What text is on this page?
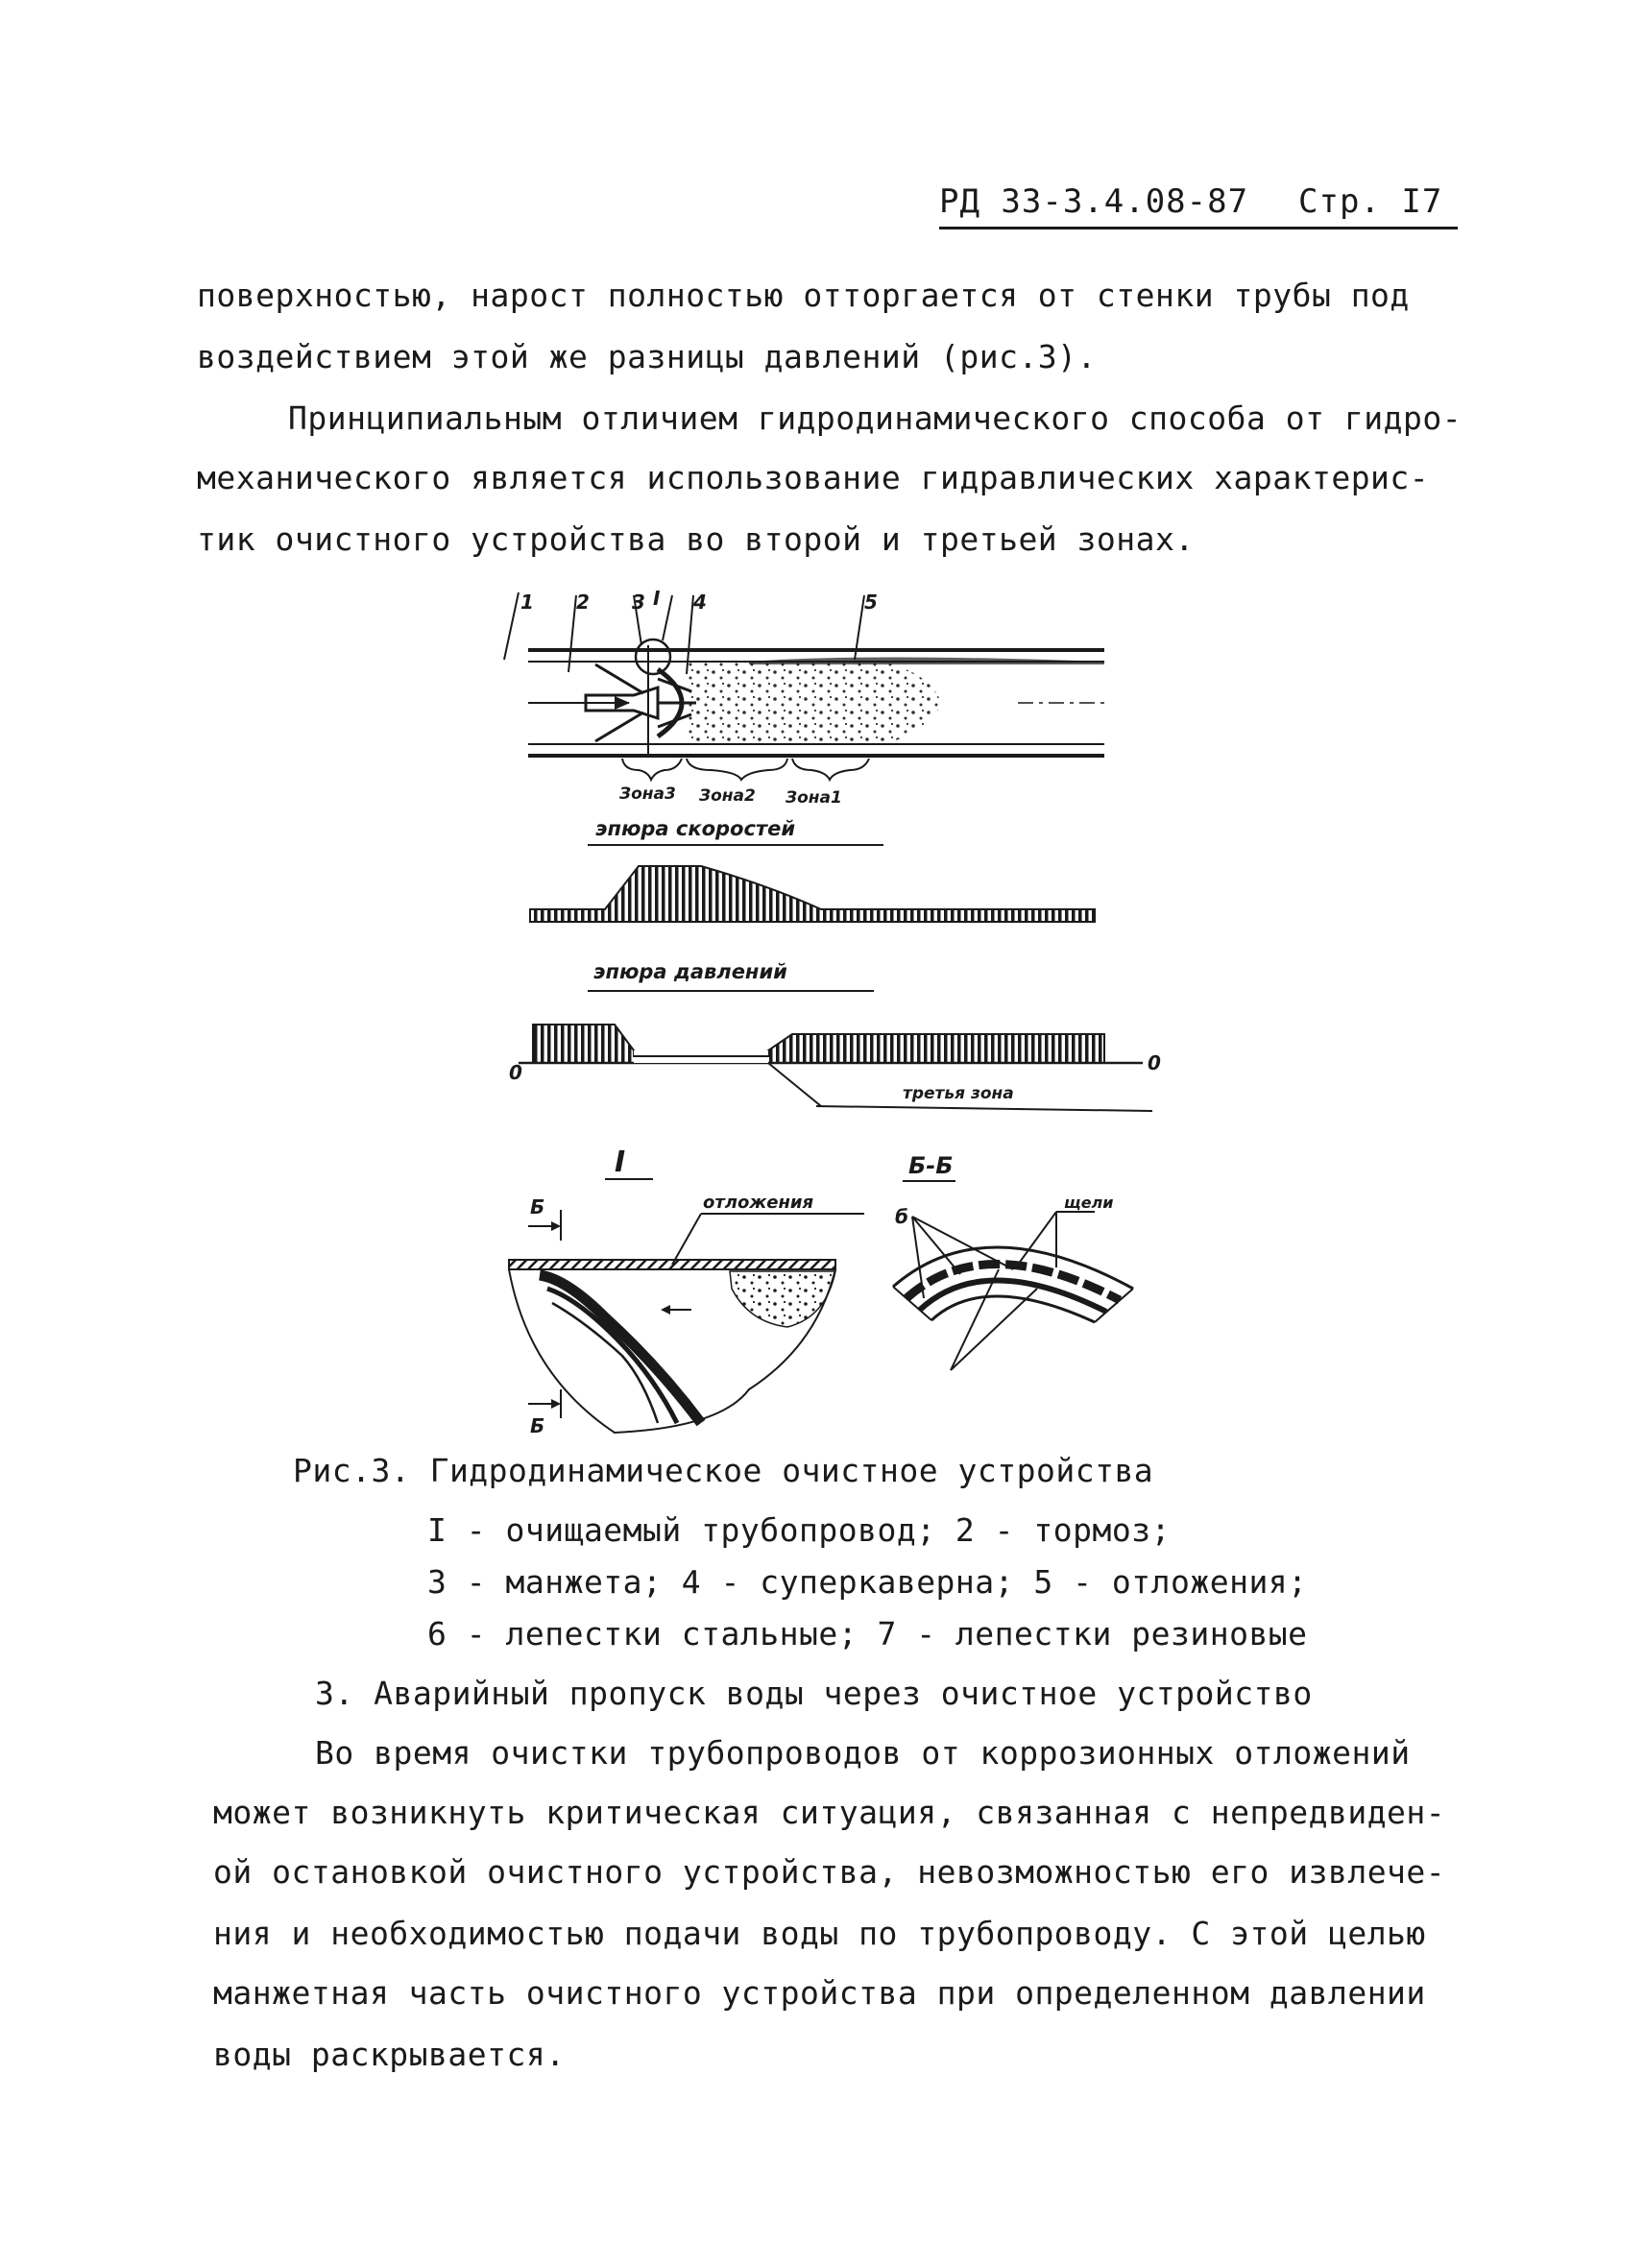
РД 33-3.4.08-87 Стр. I7
поверхностью, нарост полностью отторгается от стенки трубы под
воздействием этой же разницы давлений (рис.3).
Принципиальным отличием гидродинамического способа от гидро-
механического является использование гидравлических характерис-
тик очистного устройства во второй и третьей зонах.
1 2 3 I 4	5
Зона3 Зона2 Зона1
эпюра скоростей
эпюра давлений
0	0
третья зона
I	Б-Б
Б
Б
отложения
б
щели
Рис.3. Гидродинамическое очистное устройства
I - очищаемый трубопровод; 2 - тормоз;
3 - манжета; 4 - суперкаверна; 5 - отложения;
6 - лепестки стальные; 7 - лепестки резиновые
3. Аварийный пропуск воды через очистное устройство
Во время очистки трубопроводов от коррозионных отложений
может возникнуть критическая ситуация, связанная с непредвиден-
ой остановкой очистного устройства, невозможностью его извлече-
ния и необходимостью подачи воды по трубопроводу. С этой целью
манжетная часть очистного устройства при определенном давлении
воды раскрывается.
